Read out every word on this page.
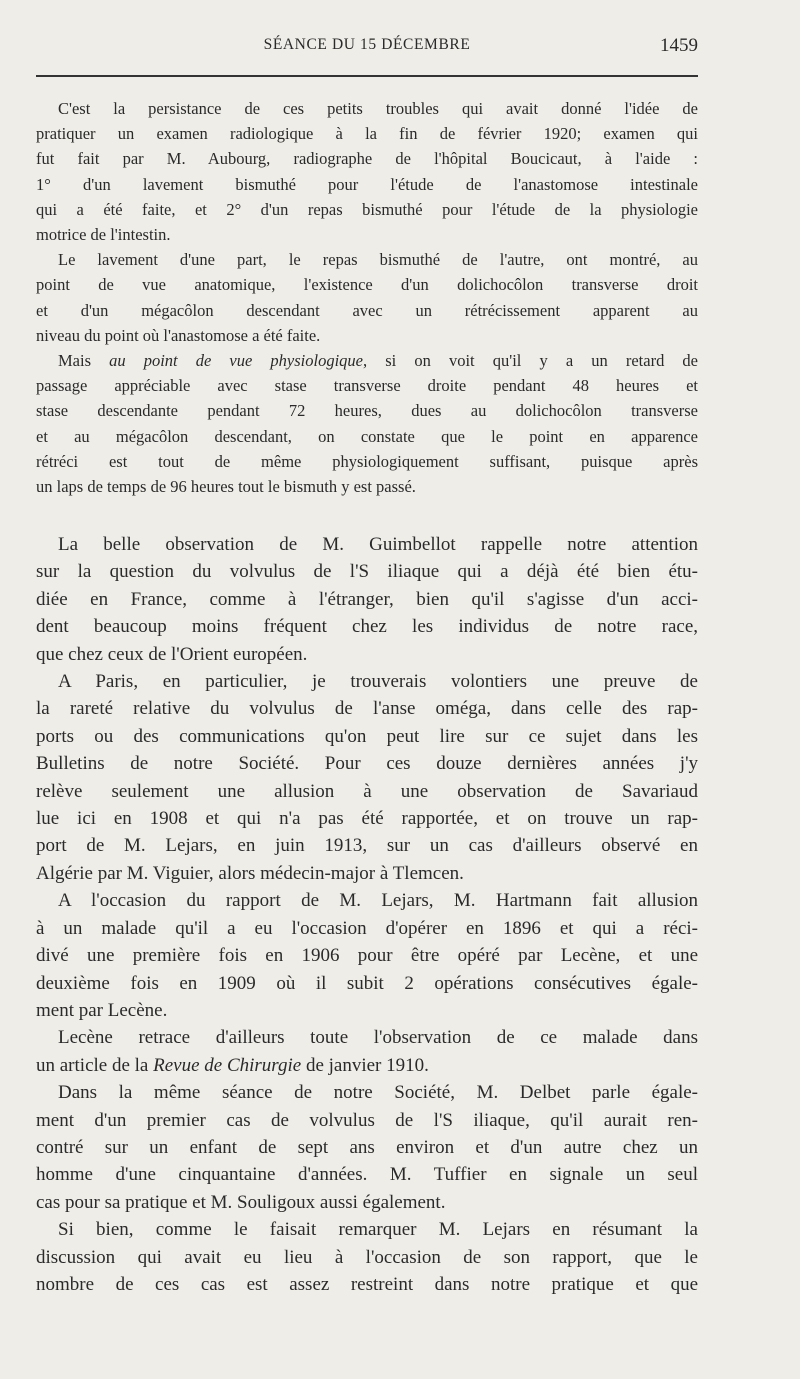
SÉANCE DU 15 DÉCEMBRE	1459
C'est la persistance de ces petits troubles qui avait donné l'idée de
pratiquer un examen radiologique à la fin de février 1920; examen qui
fut fait par M. Aubourg, radiographe de l'hôpital Boucicaut, à l'aide :
1° d'un lavement bismuthé pour l'étude de l'anastomose intestinale
qui a été faite, et 2° d'un repas bismuthé pour l'étude de la physiologie
motrice de l'intestin.
Le lavement d'une part, le repas bismuthé de l'autre, ont montré, au
point de vue anatomique, l'existence d'un dolichocôlon transverse droit
et d'un mégacôlon descendant avec un rétrécissement apparent au
niveau du point où l'anastomose a été faite.
Mais au point de vue physiologique, si on voit qu'il y a un retard de
passage appréciable avec stase transverse droite pendant 48 heures et
stase descendante pendant 72 heures, dues au dolichocôlon transverse
et au mégacôlon descendant, on constate que le point en apparence
rétréci est tout de même physiologiquement suffisant, puisque après
un laps de temps de 96 heures tout le bismuth y est passé.
La belle observation de M. Guimbellot rappelle notre attention
sur la question du volvulus de l'S iliaque qui a déjà été bien étu-
diée en France, comme à l'étranger, bien qu'il s'agisse d'un acci-
dent beaucoup moins fréquent chez les individus de notre race,
que chez ceux de l'Orient européen.
A Paris, en particulier, je trouverais volontiers une preuve de
la rareté relative du volvulus de l'anse oméga, dans celle des rap-
ports ou des communications qu'on peut lire sur ce sujet dans les
Bulletins de notre Société. Pour ces douze dernières années j'y
relève seulement une allusion à une observation de Savariaud
lue ici en 1908 et qui n'a pas été rapportée, et on trouve un rap-
port de M. Lejars, en juin 1913, sur un cas d'ailleurs observé en
Algérie par M. Viguier, alors médecin-major à Tlemcen.
A l'occasion du rapport de M. Lejars, M. Hartmann fait allusion
à un malade qu'il a eu l'occasion d'opérer en 1896 et qui a réci-
divé une première fois en 1906 pour être opéré par Lecène, et une
deuxième fois en 1909 où il subit 2 opérations consécutives égale-
ment par Lecène.
Lecène retrace d'ailleurs toute l'observation de ce malade dans
un article de la Revue de Chirurgie de janvier 1910.
Dans la même séance de notre Société, M. Delbet parle égale-
ment d'un premier cas de volvulus de l'S iliaque, qu'il aurait ren-
contré sur un enfant de sept ans environ et d'un autre chez un
homme d'une cinquantaine d'années. M. Tuffier en signale un seul
cas pour sa pratique et M. Souligoux aussi également.
Si bien, comme le faisait remarquer M. Lejars en résumant la
discussion qui avait eu lieu à l'occasion de son rapport, que le
nombre de ces cas est assez restreint dans notre pratique et que
